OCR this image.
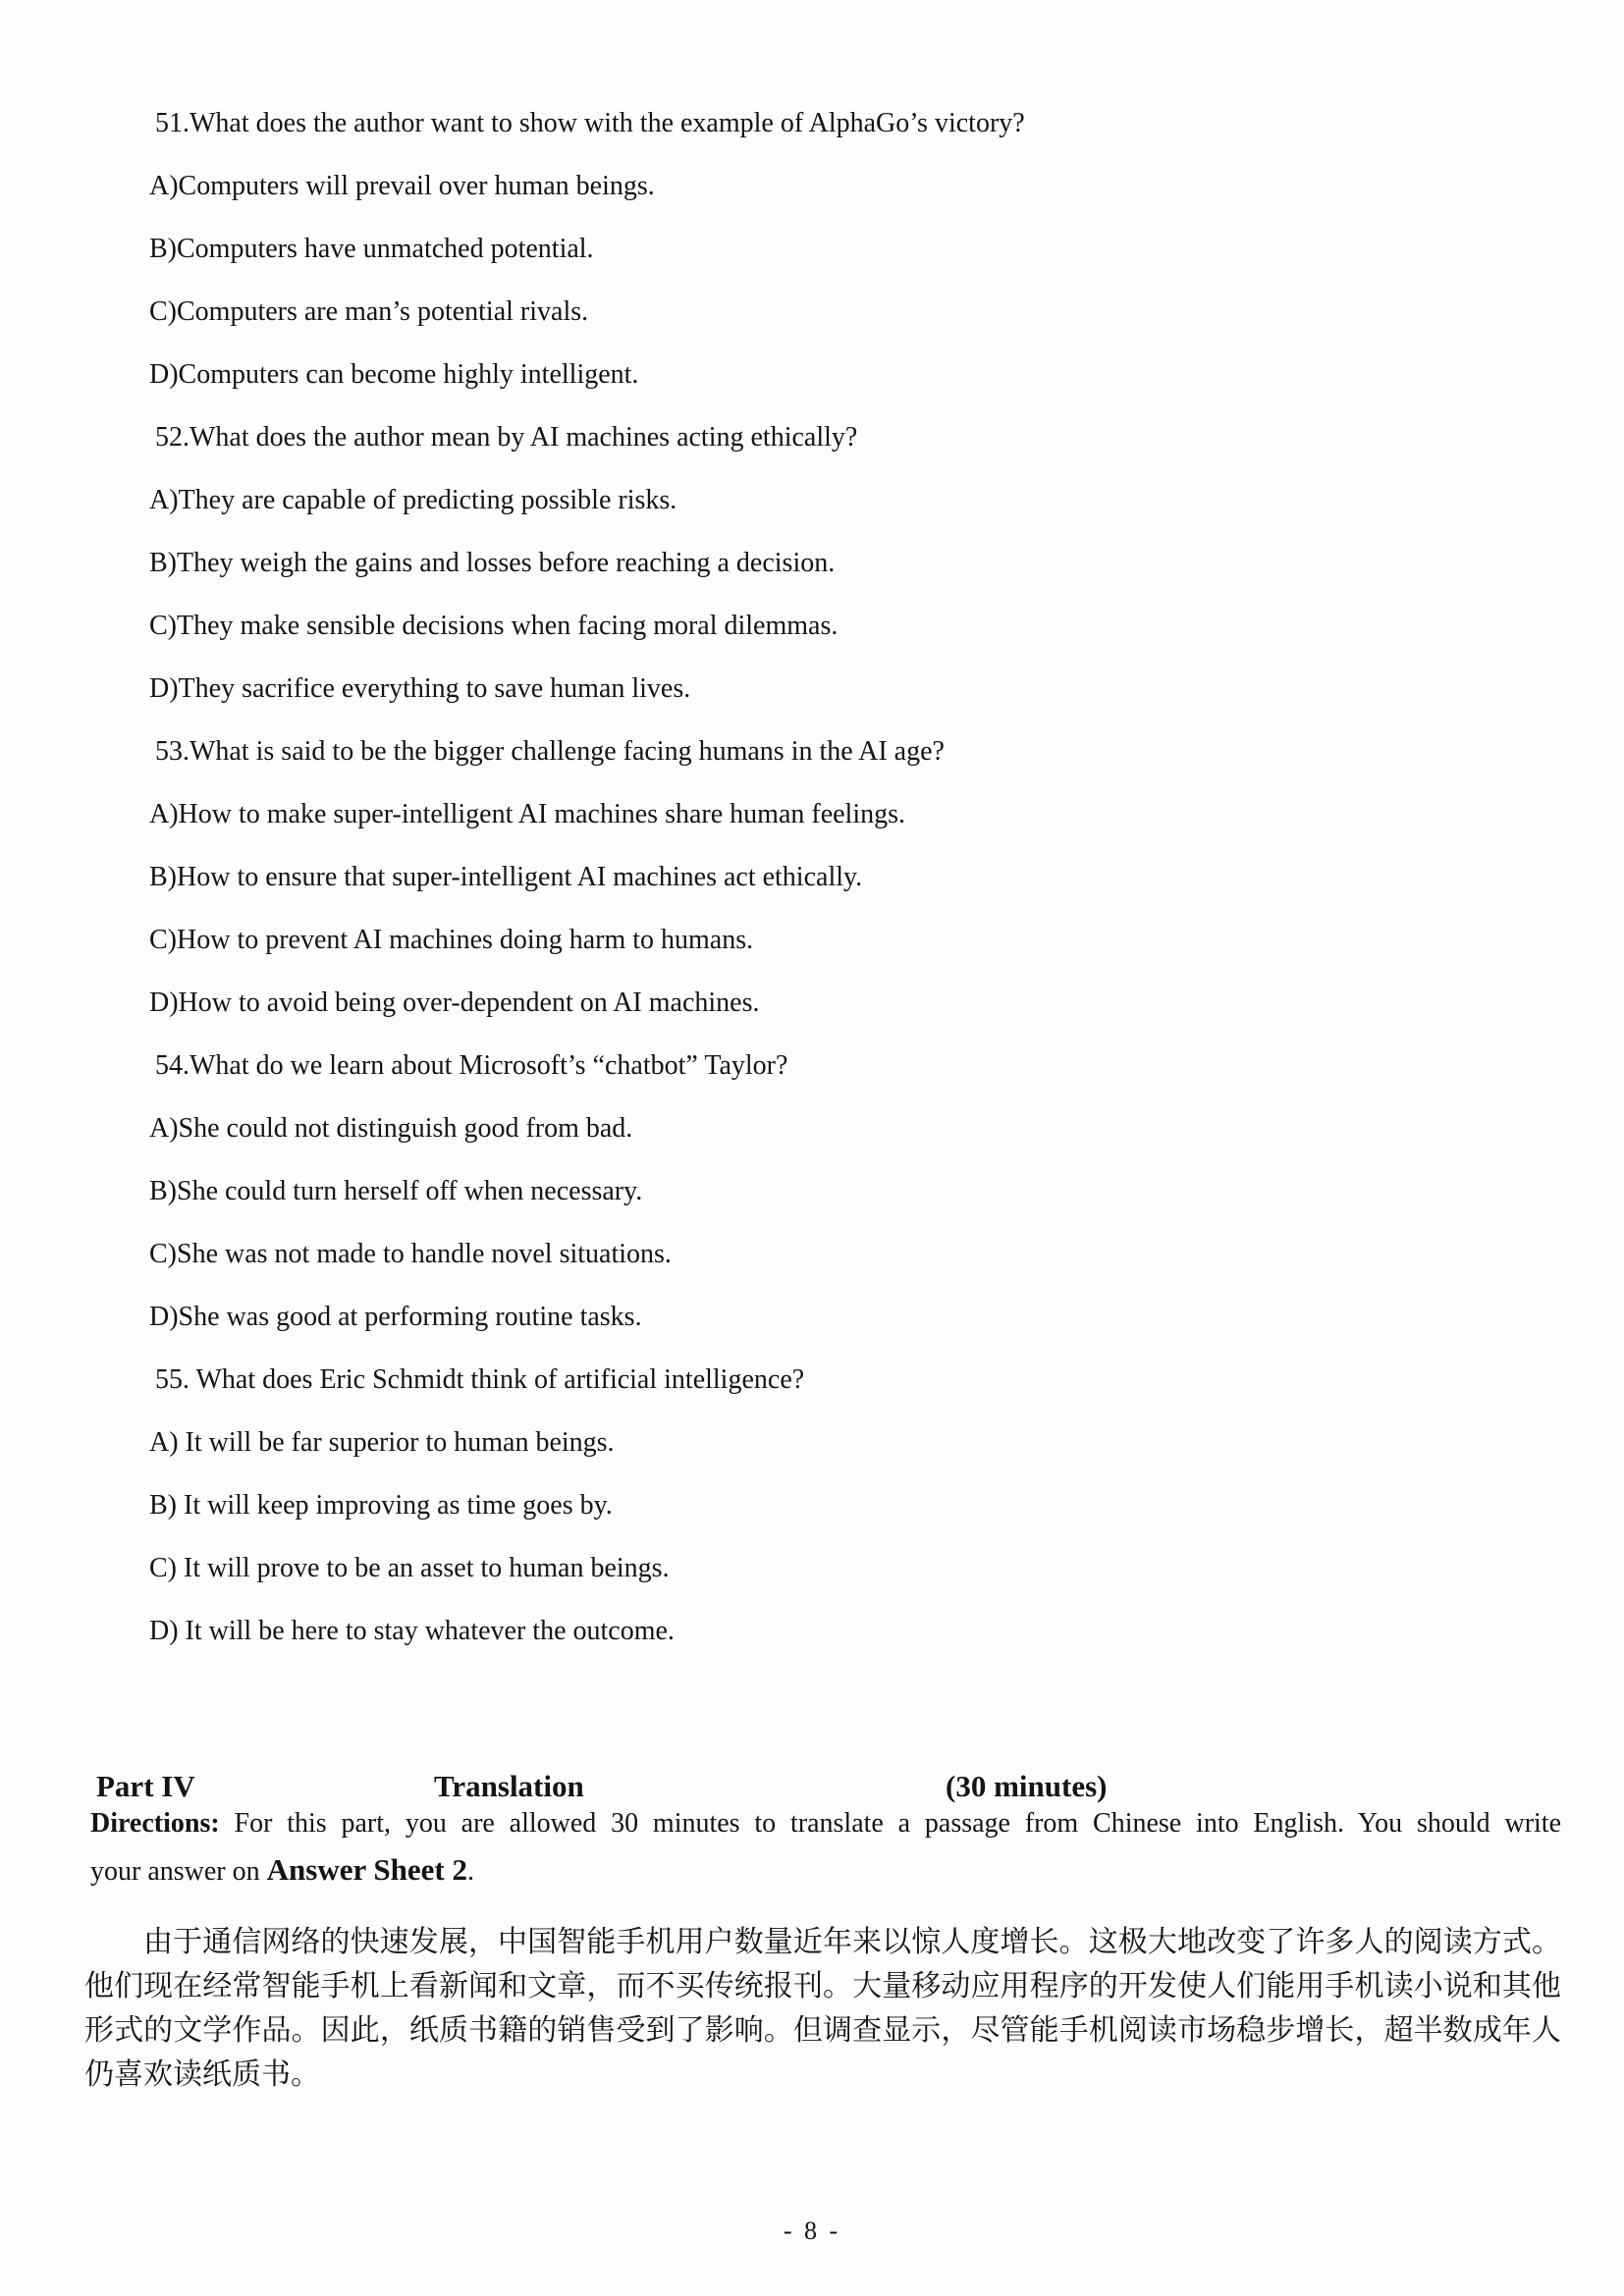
51.What does the author want to show with the example of AlphaGo’s victory?
A)Computers will prevail over human beings.
B)Computers have unmatched potential.
C)Computers are man’s potential rivals.
D)Computers can become highly intelligent.
52.What does the author mean by AI machines acting ethically?
A)They are capable of predicting possible risks.
B)They weigh the gains and losses before reaching a decision.
C)They make sensible decisions when facing moral dilemmas.
D)They sacrifice everything to save human lives.
53.What is said to be the bigger challenge facing humans in the AI age?
A)How to make super-intelligent AI machines share human feelings.
B)How to ensure that super-intelligent AI machines act ethically.
C)How to prevent AI machines doing harm to humans.
D)How to avoid being over-dependent on AI machines.
54.What do we learn about Microsoft’s “chatbot” Taylor?
A)She could not distinguish good from bad.
B)She could turn herself off when necessary.
C)She was not made to handle novel situations.
D)She was good at performing routine tasks.
55. What does Eric Schmidt think of artificial intelligence?
A) It will be far superior to human beings.
B) It will keep improving as time goes by.
C) It will prove to be an asset to human beings.
D) It will be here to stay whatever the outcome.
Part IV	Translation	(30 minutes)
Directions: For this part, you are allowed 30 minutes to translate a passage from Chinese into English. You should write
your answer on Answer Sheet 2.
由于通信网络的快速发展，中国智能手机用户数量近年来以惊人度增长。这极大地改变了许多人的阅读方式。他们现在经常智能手机上看新闻和文章，而不买传统报刊。大量移动应用程序的开发使人们能用手机读小说和其他形式的文学作品。因此，纸质书籍的销售受到了影响。但调查显示，尽管能手机阅读市场稳步增长，超半数成年人仍喜欢读纸质书。
- 8 -
